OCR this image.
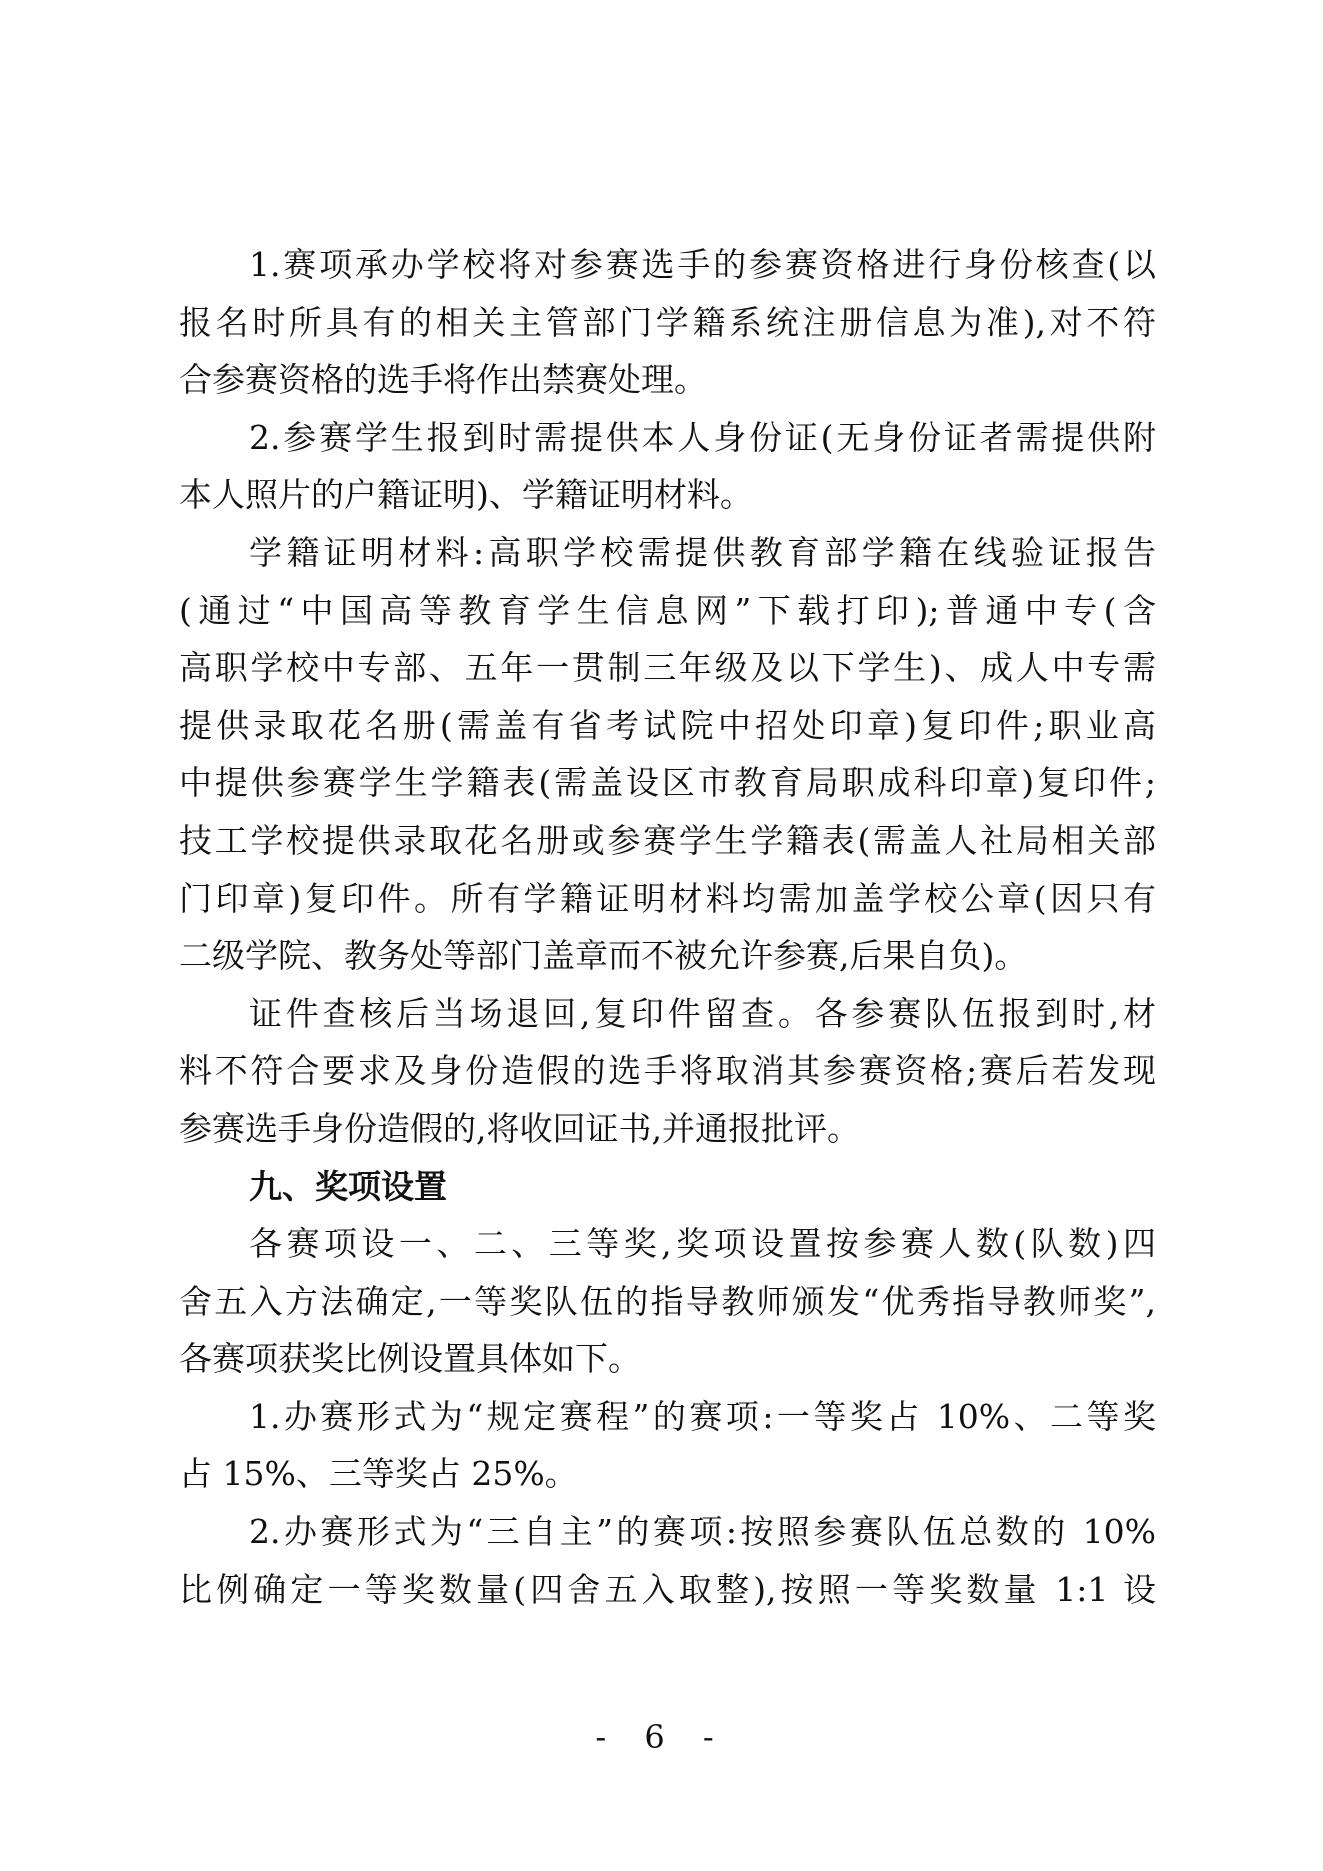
1.赛项承办学校将对参赛选手的参赛资格进行身份核查(以
报名时所具有的相关主管部门学籍系统注册信息为准),对不符
合参赛资格的选手将作出禁赛处理。
2.参赛学生报到时需提供本人身份证(无身份证者需提供附
本人照片的户籍证明)、学籍证明材料。
学籍证明材料:高职学校需提供教育部学籍在线验证报告
(通过“中国高等教育学生信息网”下载打印);普通中专(含
高职学校中专部、五年一贯制三年级及以下学生)、成人中专需
提供录取花名册(需盖有省考试院中招处印章)复印件;职业高
中提供参赛学生学籍表(需盖设区市教育局职成科印章)复印件;
技工学校提供录取花名册或参赛学生学籍表(需盖人社局相关部
门印章)复印件。所有学籍证明材料均需加盖学校公章(因只有
二级学院、教务处等部门盖章而不被允许参赛,后果自负)。
证件查核后当场退回,复印件留查。各参赛队伍报到时,材
料不符合要求及身份造假的选手将取消其参赛资格;赛后若发现
参赛选手身份造假的,将收回证书,并通报批评。
九、奖项设置
各赛项设一、二、三等奖,奖项设置按参赛人数(队数)四
舍五入方法确定,一等奖队伍的指导教师颁发“优秀指导教师奖”,
各赛项获奖比例设置具体如下。
1.办赛形式为“规定赛程”的赛项:一等奖占 10%、二等奖
占 15%、三等奖占 25%。
2.办赛形式为“三自主”的赛项:按照参赛队伍总数的 10%
比例确定一等奖数量(四舍五入取整),按照一等奖数量 1:1 设
- 6 -
